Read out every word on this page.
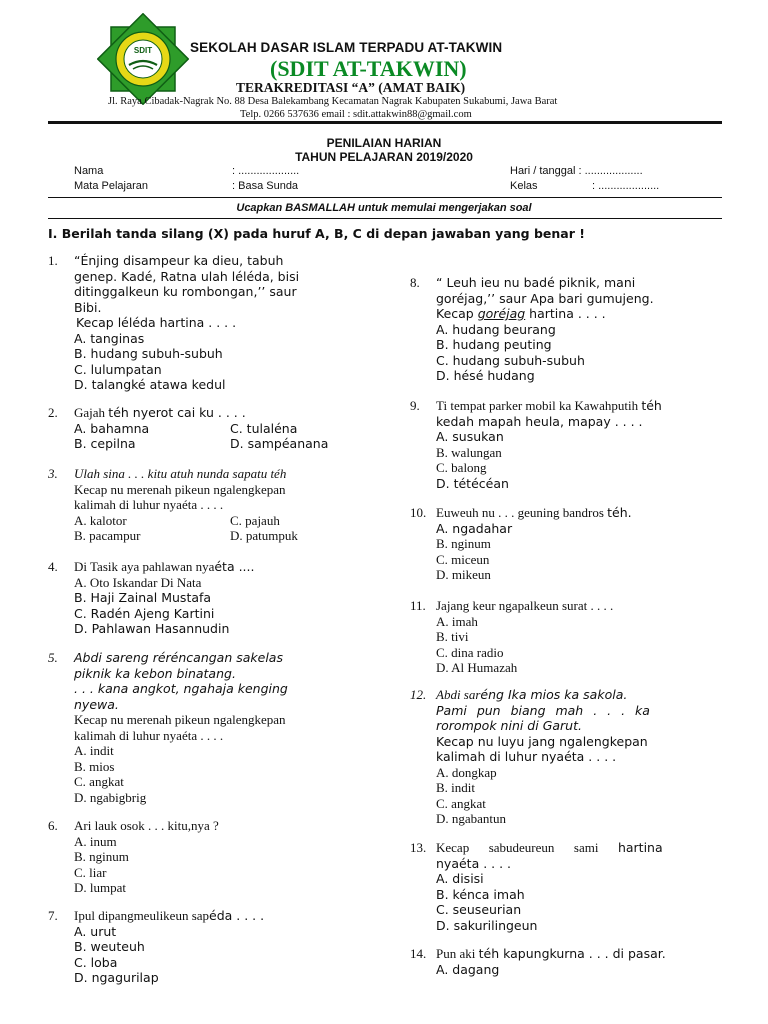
SDIT	SEKOLAH DASAR ISLAM TERPADU AT-TAKWIN
(SDIT AT-TAKWIN)
TERAKREDITASI “A” (AMAT BAIK)
Jl. Raya Cibadak-Nagrak No. 88 Desa Balekambang Kecamatan Nagrak Kabupaten Sukabumi, Jawa Barat
Telp. 0266 537636 email : sdit.attakwin88@gmail.com
PENILAIAN HARIAN
TAHUN PELAJARAN 2019/2020
Nama	: ....................	Hari / tanggal : ...................
Mata Pelajaran	: Basa Sunda	Kelas	: ....................
Ucapkan BASMALLAH untuk memulai mengerjakan soal
I. Berilah tanda silang (X) pada huruf A, B, C di depan jawaban yang benar !
1. “Énjing disampeur ka dieu, tabuh
genep. Kadé, Ratna ulah léléda, bisi
ditinggalkeun ku rombongan,’’ saur
Bibi.
Kecap léléda hartina . . . .
A. tanginas
B. hudang subuh-subuh
C. lulumpatan
D. talangké atawa kedul
2. Gajah téh nyerot cai ku . . . .
A. bahamna	C. tulaléna
B. cepilna	D. sampéanana
3. Ulah sina . . . kitu atuh nunda sapatu téh
Kecap nu merenah pikeun ngalengkepan
kalimah di luhur nyaéta . . . .
A. kalotor	C. pajauh
B. pacampur	D. patumpuk
4. Di Tasik aya pahlawan nyaéta ....
A. Oto Iskandar Di Nata
B. Haji Zainal Mustafa
C. Radén Ajeng Kartini
D. Pahlawan Hasannudin
5. Abdi sareng réréncangan sakelas
piknik ka kebon binatang.
. . . kana angkot, ngahaja kenging
nyewa.
Kecap nu merenah pikeun ngalengkepan
kalimah di luhur nyaéta . . . .
A. indit
B. mios
C. angkat
D. ngabigbrig
6. Ari lauk osok . . . kitu,nya ?
A. inum
B. nginum
C. liar
D. lumpat
7. Ipul dipangmeulikeun sapéda . . . .
A. urut
B. weuteuh
C. loba
D. ngagurilap
8. “ Leuh ieu nu badé piknik, mani
goréjag,’’ saur Apa bari gumujeng.
Kecap goréjag hartina . . . .
A. hudang beurang
B. hudang peuting
C. hudang subuh-subuh
D. hésé hudang
9. Ti tempat parker mobil ka Kawahputih téh
kedah mapah heula, mapay . . . .
A. susukan
B. walungan
C. balong
D. tétécéan
10. Euweuh nu . . . geuning bandros téh.
A. ngadahar
B. nginum
C. miceun
D. mikeun
11. Jajang keur ngapalkeun surat . . . .
A. imah
B. tivi
C. dina radio
D. Al Humazah
12. Abdi saréng Ika mios ka sakola.
Pami pun biang mah . . . ka
rorompok nini di Garut.
Kecap nu luyu jang ngalengkepan
kalimah di luhur nyaéta . . . .
A. dongkap
B. indit
C. angkat
D. ngabantun
13. Kecap      sabudeureun      sami      hartina
nyaéta . . . .
A. disisi
B. kénca imah
C. seuseurian
D. sakurilingeun
14. Pun aki téh kapungkurna . . . di pasar.
A. dagang
